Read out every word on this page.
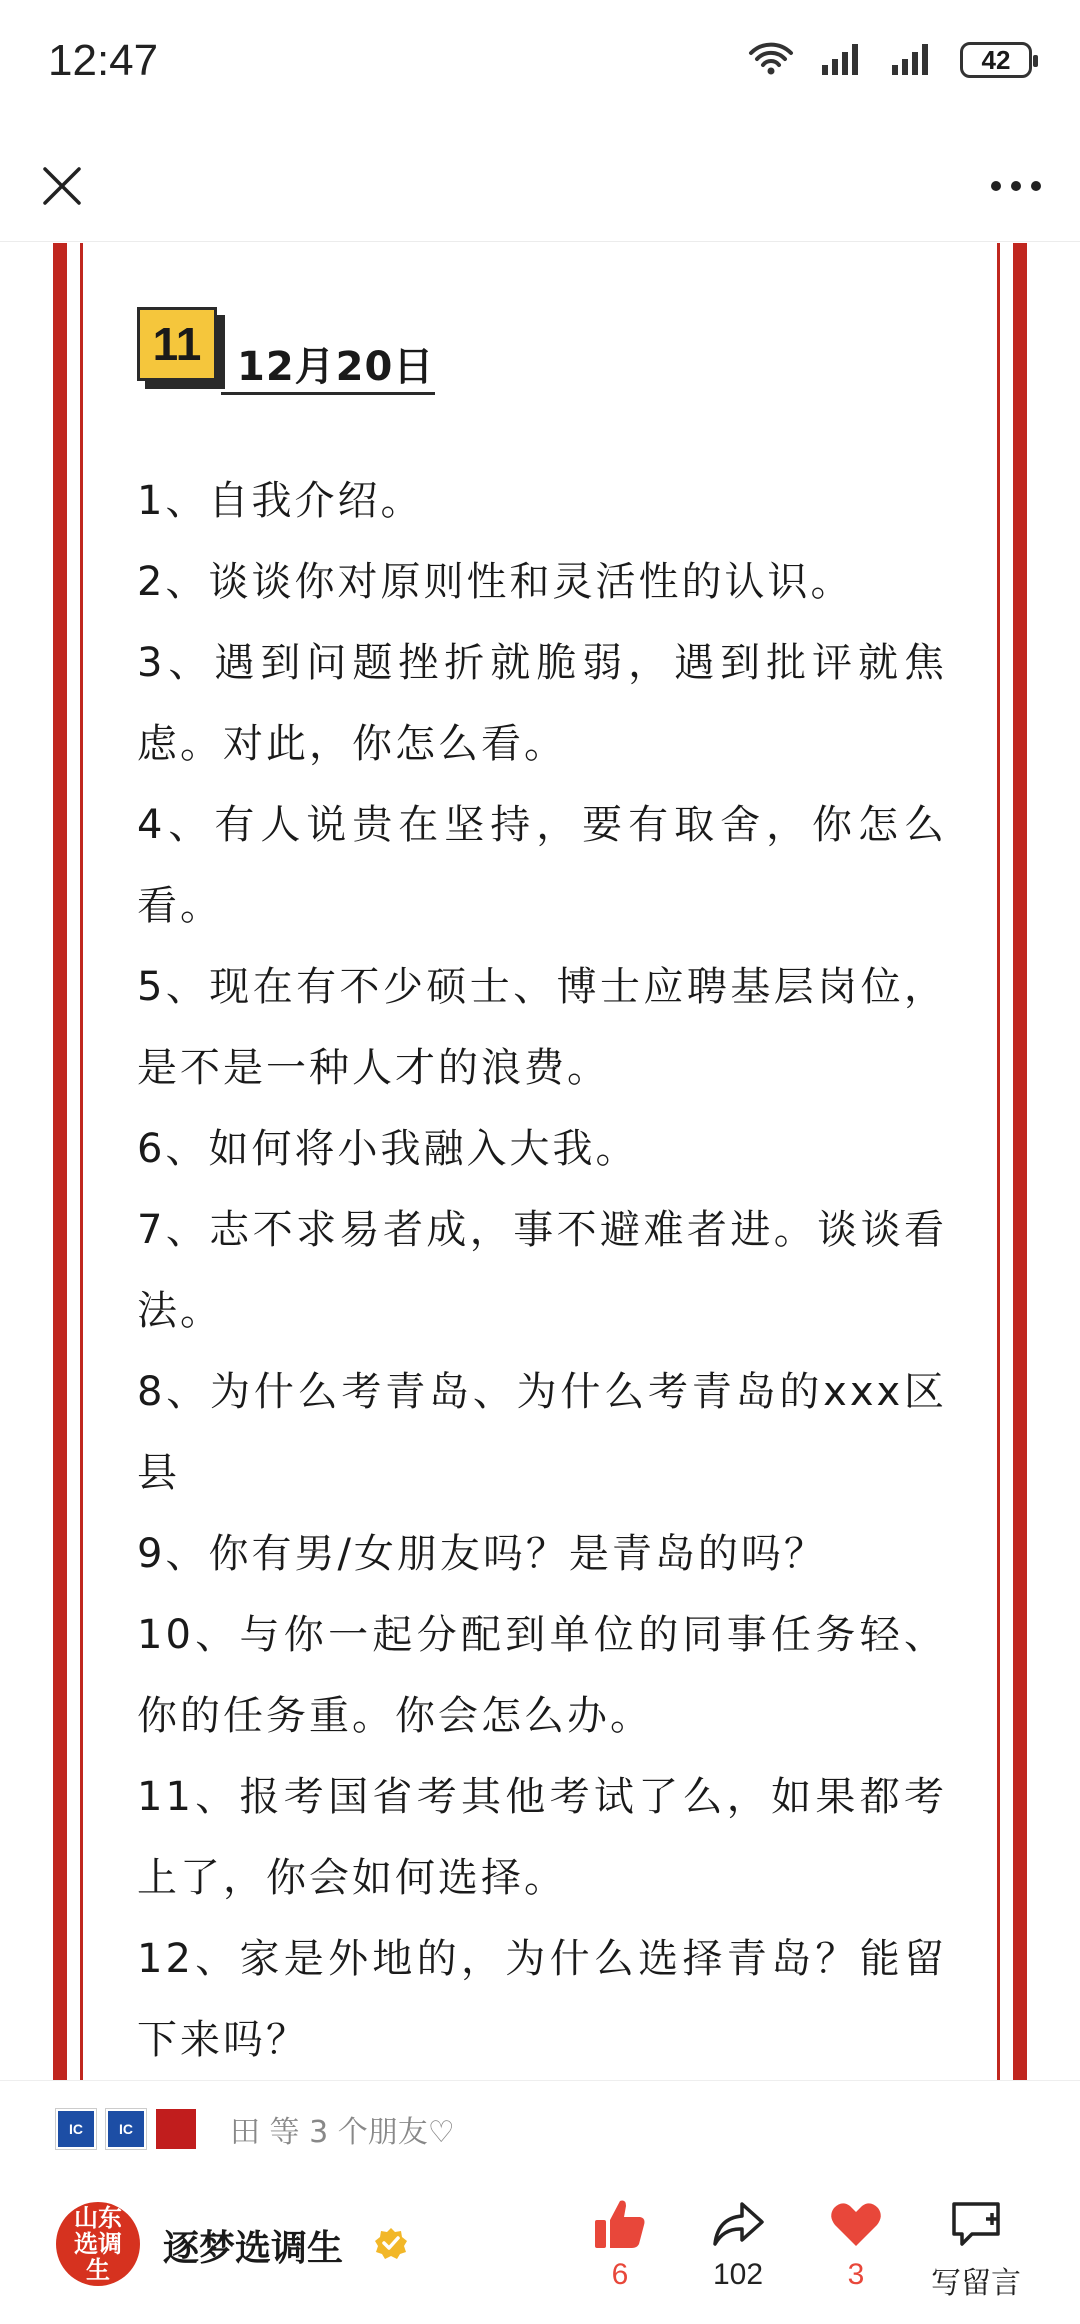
12:47	42
11 12月20日
1、自我介绍。
2、谈谈你对原则性和灵活性的认识。
3、遇到问题挫折就脆弱，遇到批评就焦虑。对此，你怎么看。
4、有人说贵在坚持，要有取舍，你怎么看。
5、现在有不少硕士、博士应聘基层岗位，是不是一种人才的浪费。
6、如何将小我融入大我。
7、志不求易者成，事不避难者进。谈谈看法。
8、为什么考青岛、为什么考青岛的xxx区县
9、你有男/女朋友吗？是青岛的吗？
10、与你一起分配到单位的同事任务轻、你的任务重。你会怎么办。
11、报考国省考其他考试了么，如果都考上了，你会如何选择。
12、家是外地的，为什么选择青岛？能留下来吗？
IC	IC	田 等 3 个朋友♡
山东选调生
逐梦选调生
6	102	3 写留言
